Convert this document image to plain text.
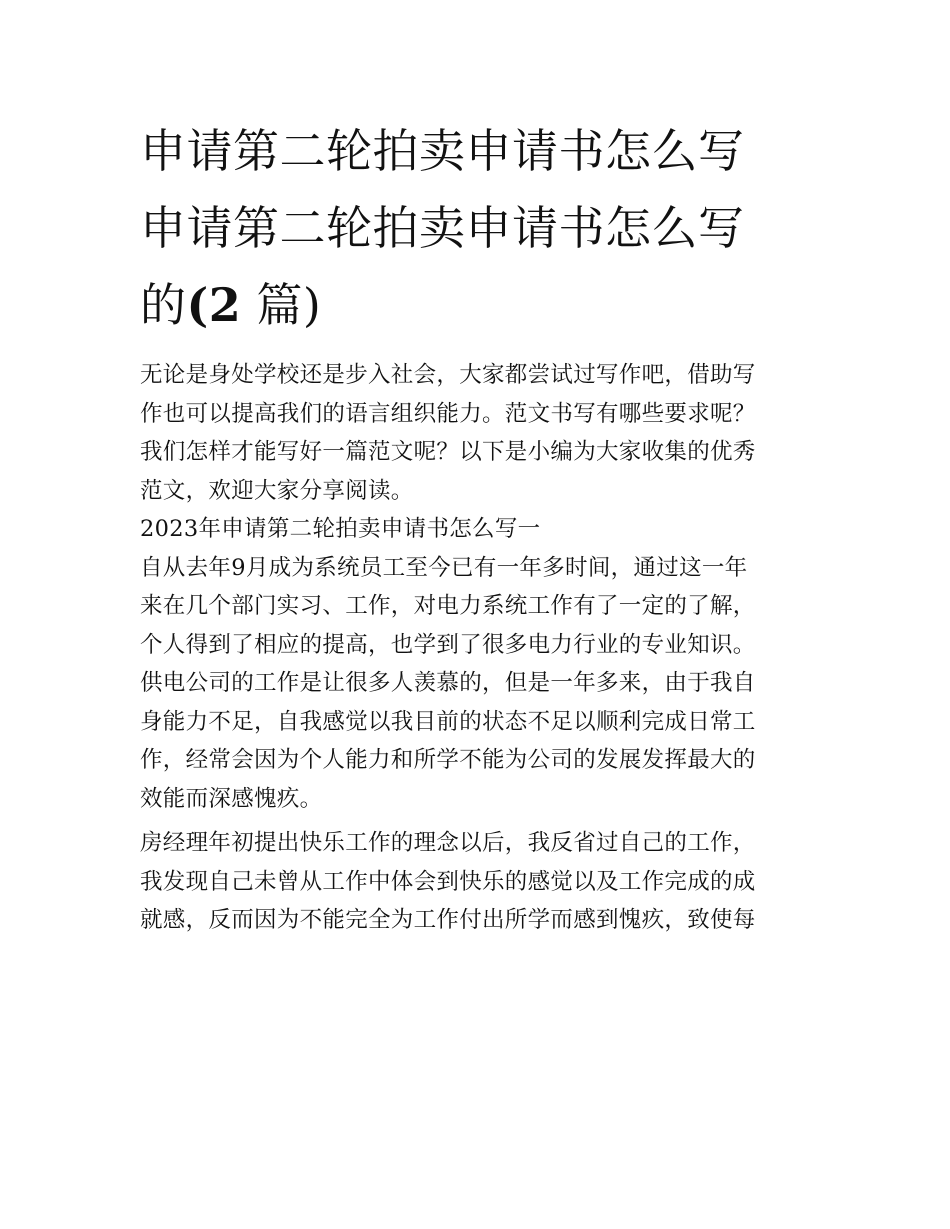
申请第二轮拍卖申请书怎么写
申请第二轮拍卖申请书怎么写
的(2 篇)

无论是身处学校还是步入社会，大家都尝试过写作吧，借助写
作也可以提高我们的语言组织能力。范文书写有哪些要求呢？
我们怎样才能写好一篇范文呢？以下是小编为大家收集的优秀
范文，欢迎大家分享阅读。

2023年申请第二轮拍卖申请书怎么写一

自从去年9月成为系统员工至今已有一年多时间，通过这一年
来在几个部门实习、工作，对电力系统工作有了一定的了解，
个人得到了相应的提高，也学到了很多电力行业的专业知识。
供电公司的工作是让很多人羡慕的，但是一年多来，由于我自
身能力不足，自我感觉以我目前的状态不足以顺利完成日常工
作，经常会因为个人能力和所学不能为公司的发展发挥最大的
效能而深感愧疚。

房经理年初提出快乐工作的理念以后，我反省过自己的工作，
我发现自己未曾从工作中体会到快乐的感觉以及工作完成的成
就感，反而因为不能完全为工作付出所学而感到愧疚，致使每
